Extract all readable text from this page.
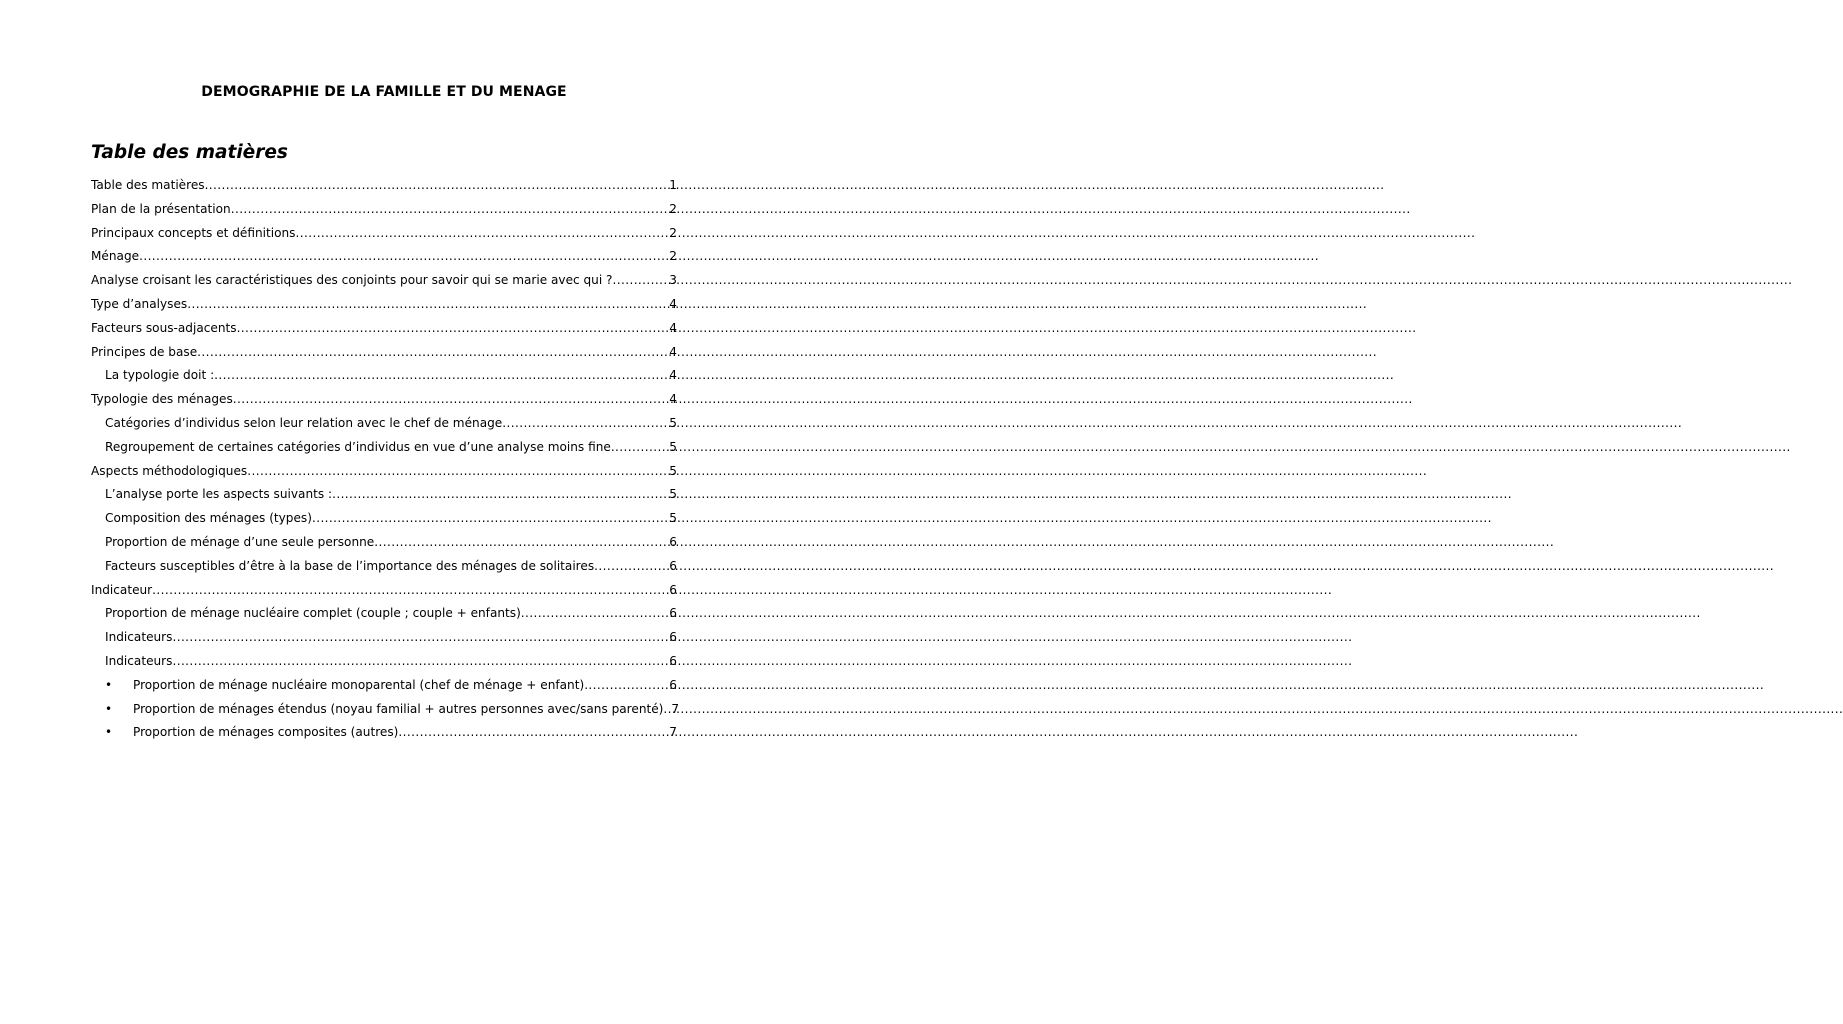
DEMOGRAPHIE DE LA FAMILLE ET DU MENAGE
Table des matières
Table des matières .....	1
Plan de la présentation .....	2
Principaux concepts et définitions .....	2
Ménage .....	2
Analyse croisant les caractéristiques des conjoints pour savoir qui se marie avec qui ? .....	3
Type d’analyses .....	4
Facteurs sous-adjacents .....	4
Principes de base .....	4
La typologie doit : .....	4
Typologie des ménages .....	4
Catégories d’individus selon leur relation avec le chef de ménage .....	5
Regroupement de certaines catégories d’individus en vue d’une analyse moins fine .....	5
Aspects méthodologiques .....	5
L’analyse porte les aspects suivants : .....	5
Composition des ménages (types) .....	5
Proportion de ménage d’une seule personne .....	6
Facteurs susceptibles d’être à la base de l’importance des ménages de solitaires .....	6
Indicateur .....	6
Proportion de ménage nucléaire complet (couple ; couple + enfants) .....	6
Indicateurs .....	6
Indicateurs .....	6
•	Proportion de ménage nucléaire monoparental (chef de ménage + enfant) .....	6
•	Proportion de ménages étendus (noyau familial + autres personnes avec/sans parenté) ..... 7
•	Proportion de ménages composites (autres) .....	7
